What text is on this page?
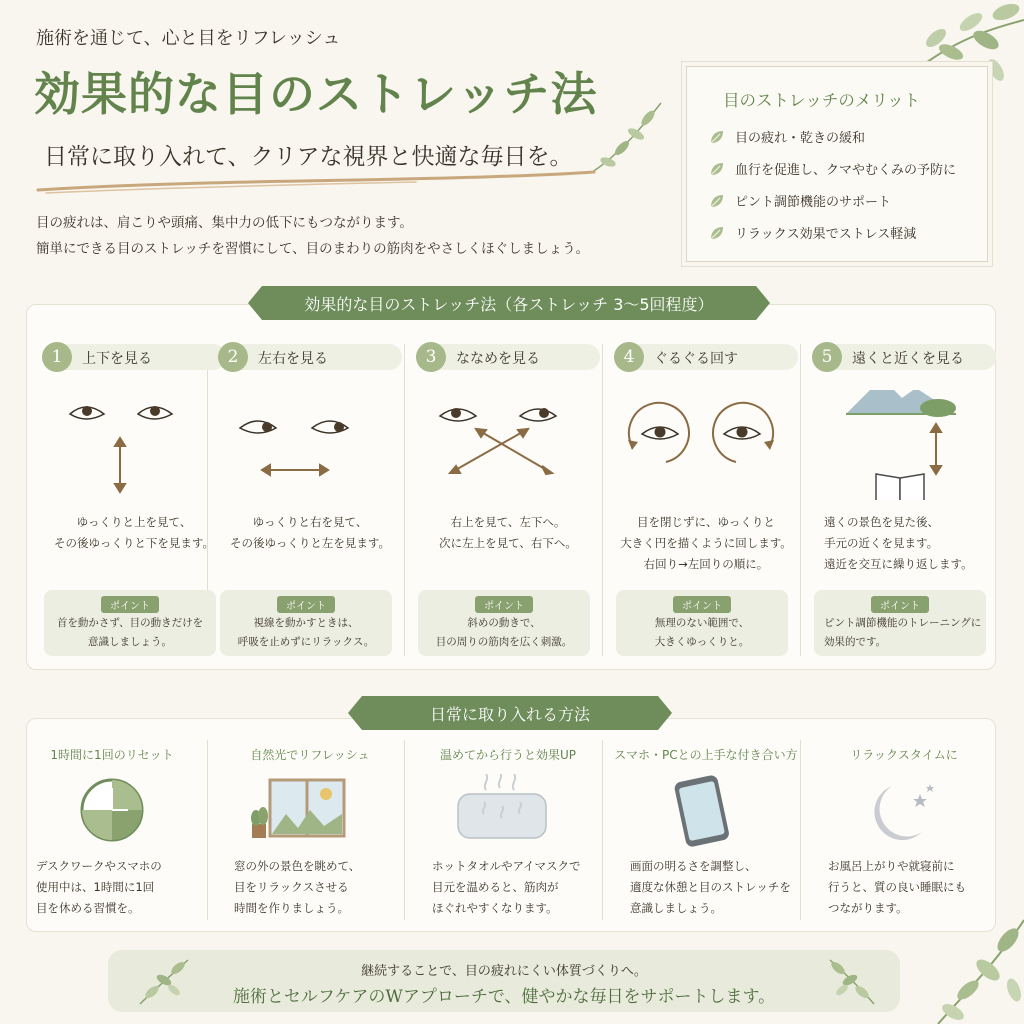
施術を通じて、心と目をリフレッシュ
効果的な目のストレッチ法
日常に取り入れて、クリアな視界と快適な毎日を。
目の疲れは、肩こりや頭痛、集中力の低下にもつながります。
簡単にできる目のストレッチを習慣にして、目のまわりの筋肉をやさしくほぐしましょう。
目のストレッチのメリット
目の疲れ・乾きの緩和
血行を促進し、クマやむくみの予防に
ピント調節機能のサポート
リラックス効果でストレス軽減
効果的な目のストレッチ法（各ストレッチ 3〜5回程度）
1	上下を見る
ゆっくりと上を見て、
その後ゆっくりと下を見ます。
ポイント
首を動かさず、目の動きだけを
意識しましょう。
2	左右を見る
ゆっくりと右を見て、
その後ゆっくりと左を見ます。
ポイント
視線を動かすときは、
呼吸を止めずにリラックス。
3	ななめを見る
右上を見て、左下へ。
次に左上を見て、右下へ。
ポイント
斜めの動きで、
目の周りの筋肉を広く刺激。
4	ぐるぐる回す
目を閉じずに、ゆっくりと
大きく円を描くように回します。
右回り→左回りの順に。
ポイント
無理のない範囲で、
大きくゆっくりと。
5	遠くと近くを見る
遠くの景色を見た後、
手元の近くを見ます。
遠近を交互に繰り返します。
ポイント
ピント調節機能のトレーニングに
効果的です。
日常に取り入れる方法
1時間に1回のリセット
デスクワークやスマホの
使用中は、1時間に1回
目を休める習慣を。
自然光でリフレッシュ
窓の外の景色を眺めて、
目をリラックスさせる
時間を作りましょう。
温めてから行うと効果UP
ホットタオルやアイマスクで
目元を温めると、筋肉が
ほぐれやすくなります。
スマホ・PCとの上手な付き合い方
画面の明るさを調整し、
適度な休憩と目のストレッチを
意識しましょう。
リラックスタイムに
お風呂上がりや就寝前に
行うと、質の良い睡眠にも
つながります。
継続することで、目の疲れにくい体質づくりへ。
施術とセルフケアのWアプローチで、健やかな毎日をサポートします。
